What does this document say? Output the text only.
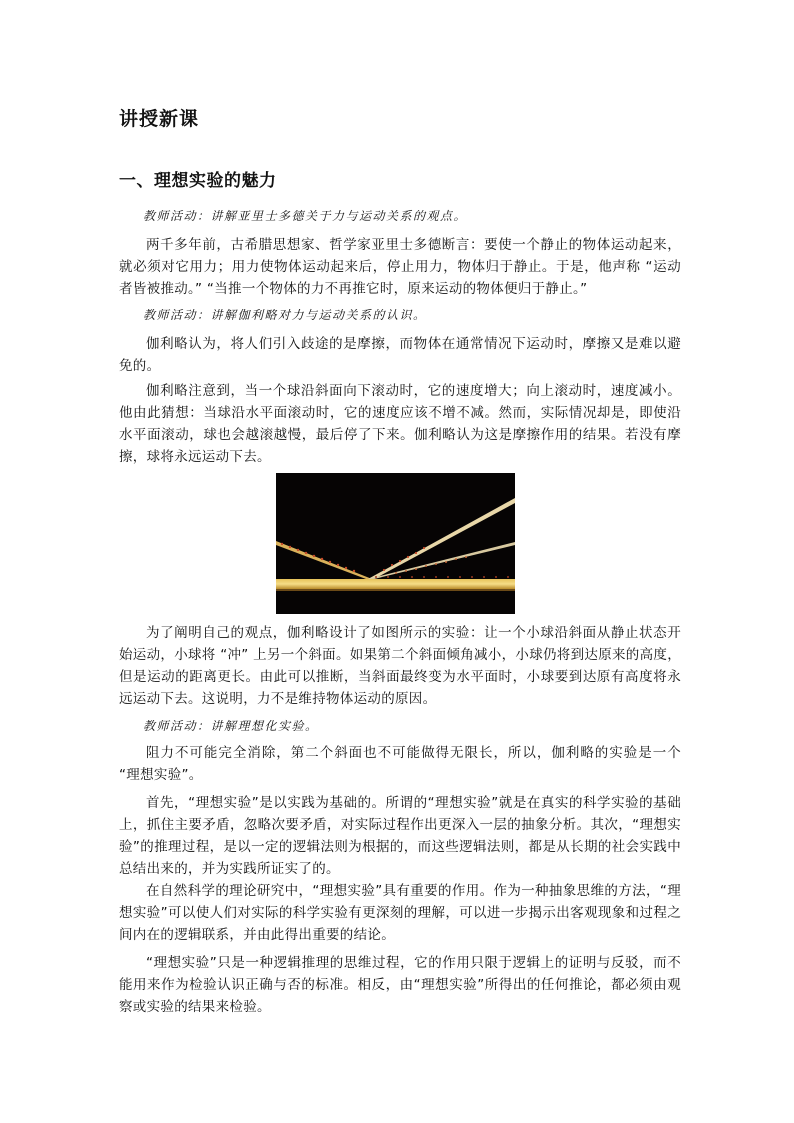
讲授新课
一、理想实验的魅力

教师活动：讲解亚里士多德关于力与运动关系的观点。

两千多年前，古希腊思想家、哲学家亚里士多德断言：要使一个静止的物体运动起来，就必须对它用力；用力使物体运动起来后，停止用力，物体归于静止。于是，他声称 “运动者皆被推动。” “当推一个物体的力不再推它时，原来运动的物体便归于静止。”

教师活动：讲解伽利略对力与运动关系的认识。

伽利略认为，将人们引入歧途的是摩擦，而物体在通常情况下运动时，摩擦又是难以避免的。

伽利略注意到，当一个球沿斜面向下滚动时，它的速度增大；向上滚动时，速度减小。他由此猜想：当球沿水平面滚动时，它的速度应该不增不减。然而，实际情况却是，即使沿水平面滚动，球也会越滚越慢，最后停了下来。伽利略认为这是摩擦作用的结果。若没有摩擦，球将永远运动下去。

为了阐明自己的观点，伽利略设计了如图所示的实验：让一个小球沿斜面从静止状态开始运动，小球将 “冲” 上另一个斜面。如果第二个斜面倾角减小，小球仍将到达原来的高度，但是运动的距离更长。由此可以推断，当斜面最终变为水平面时，小球要到达原有高度将永远运动下去。这说明，力不是维持物体运动的原因。

教师活动：讲解理想化实验。

阻力不可能完全消除，第二个斜面也不可能做得无限长，所以，伽利略的实验是一个 “理想实验”。

首先，“理想实验”是以实践为基础的。所谓的“理想实验”就是在真实的科学实验的基础上，抓住主要矛盾，忽略次要矛盾，对实际过程作出更深入一层的抽象分析。其次，“理想实验”的推理过程，是以一定的逻辑法则为根据的，而这些逻辑法则，都是从长期的社会实践中总结出来的，并为实践所证实了的。

在自然科学的理论研究中，“理想实验”具有重要的作用。作为一种抽象思维的方法，“理想实验”可以使人们对实际的科学实验有更深刻的理解，可以进一步揭示出客观现象和过程之间内在的逻辑联系，并由此得出重要的结论。

“理想实验”只是一种逻辑推理的思维过程，它的作用只限于逻辑上的证明与反驳，而不能用来作为检验认识正确与否的标准。相反，由“理想实验”所得出的任何推论，都必须由观察或实验的结果来检验。
